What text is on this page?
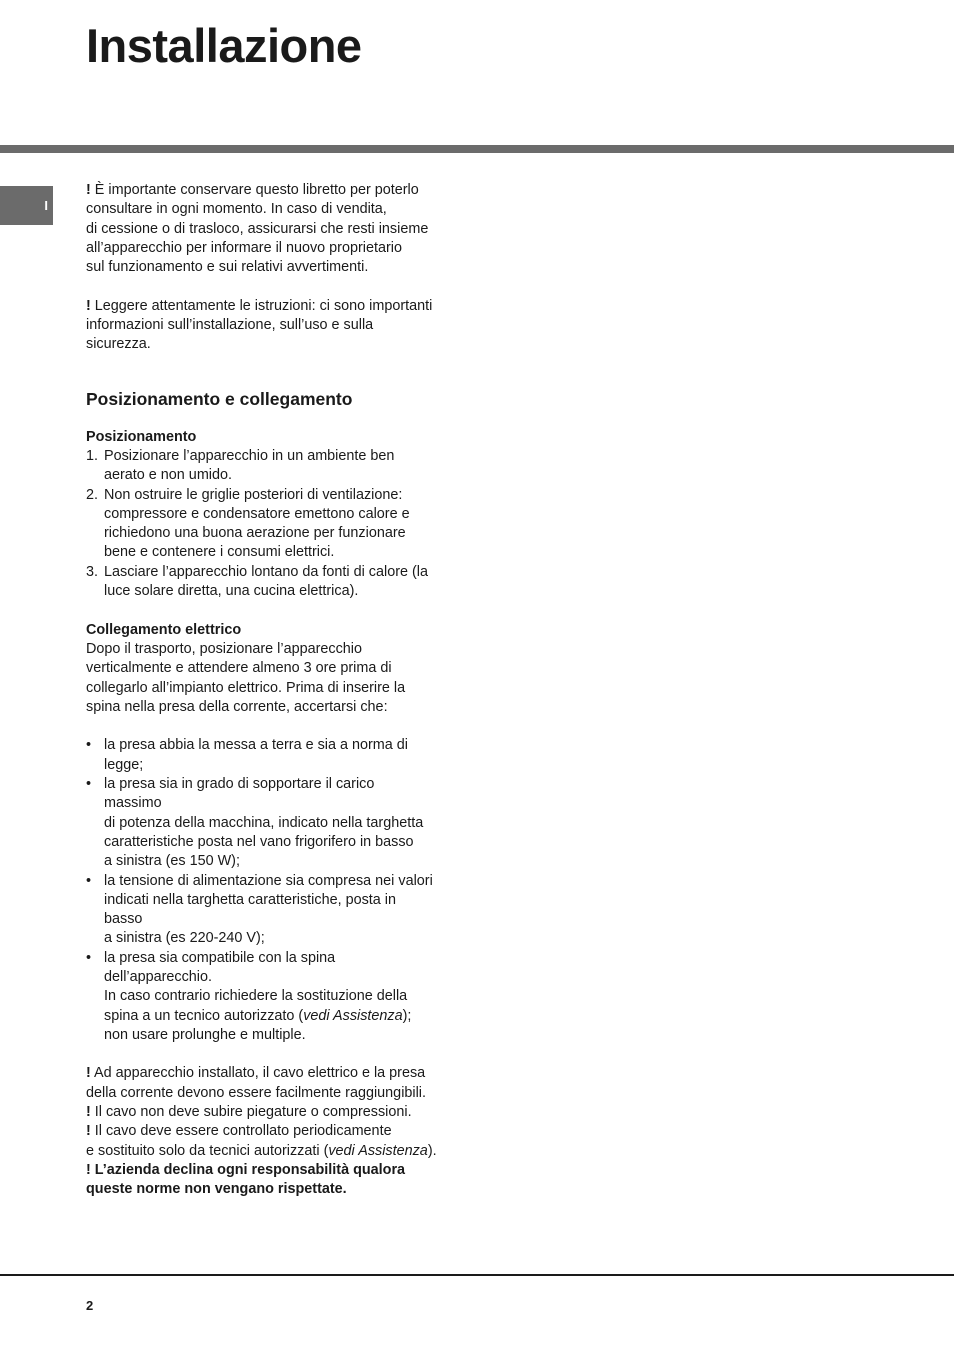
Installazione
I

! È importante conservare questo libretto per poterlo
consultare in ogni momento. In caso di vendita,
di cessione o di trasloco, assicurarsi che resti insieme
all’apparecchio per informare il nuovo proprietario
sul funzionamento e sui relativi avvertimenti.

! Leggere attentamente le istruzioni: ci sono importanti
informazioni sull’installazione, sull’uso e sulla
sicurezza.

Posizionamento e collegamento
Posizionamento
1. Posizionare l’apparecchio in un ambiente ben
aerato e non umido.
2. Non ostruire le griglie posteriori di ventilazione:
compressore e condensatore emettono calore e
richiedono una buona aerazione per funzionare
bene e contenere i consumi elettrici.
3. Lasciare l’apparecchio lontano da fonti di calore (la
luce solare diretta, una cucina elettrica).
Collegamento elettrico

Dopo il trasporto, posizionare l’apparecchio
verticalmente e attendere almeno 3 ore prima di
collegarlo all’impianto elettrico. Prima di inserire la
spina nella presa della corrente, accertarsi che:

• la presa abbia la messa a terra e sia a norma di
legge;
• la presa sia in grado di sopportare il carico
massimo
di potenza della macchina, indicato nella targhetta
caratteristiche posta nel vano frigorifero in basso
a sinistra (es 150 W);
• la tensione di alimentazione sia compresa nei valori
indicati nella targhetta caratteristiche, posta in
basso
a sinistra (es 220-240 V);
• la presa sia compatibile con la spina
dell’apparecchio.
In caso contrario richiedere la sostituzione della
spina a un tecnico autorizzato (vedi Assistenza);
non usare prolunghe e multiple.

! Ad apparecchio installato, il cavo elettrico e la presa
della corrente devono essere facilmente raggiungibili.

! Il cavo non deve subire piegature o compressioni.

! Il cavo deve essere controllato periodicamente
e sostituito solo da tecnici autorizzati (vedi Assistenza).

! L’azienda declina ogni responsabilità qualora
queste norme non vengano rispettate.

2
